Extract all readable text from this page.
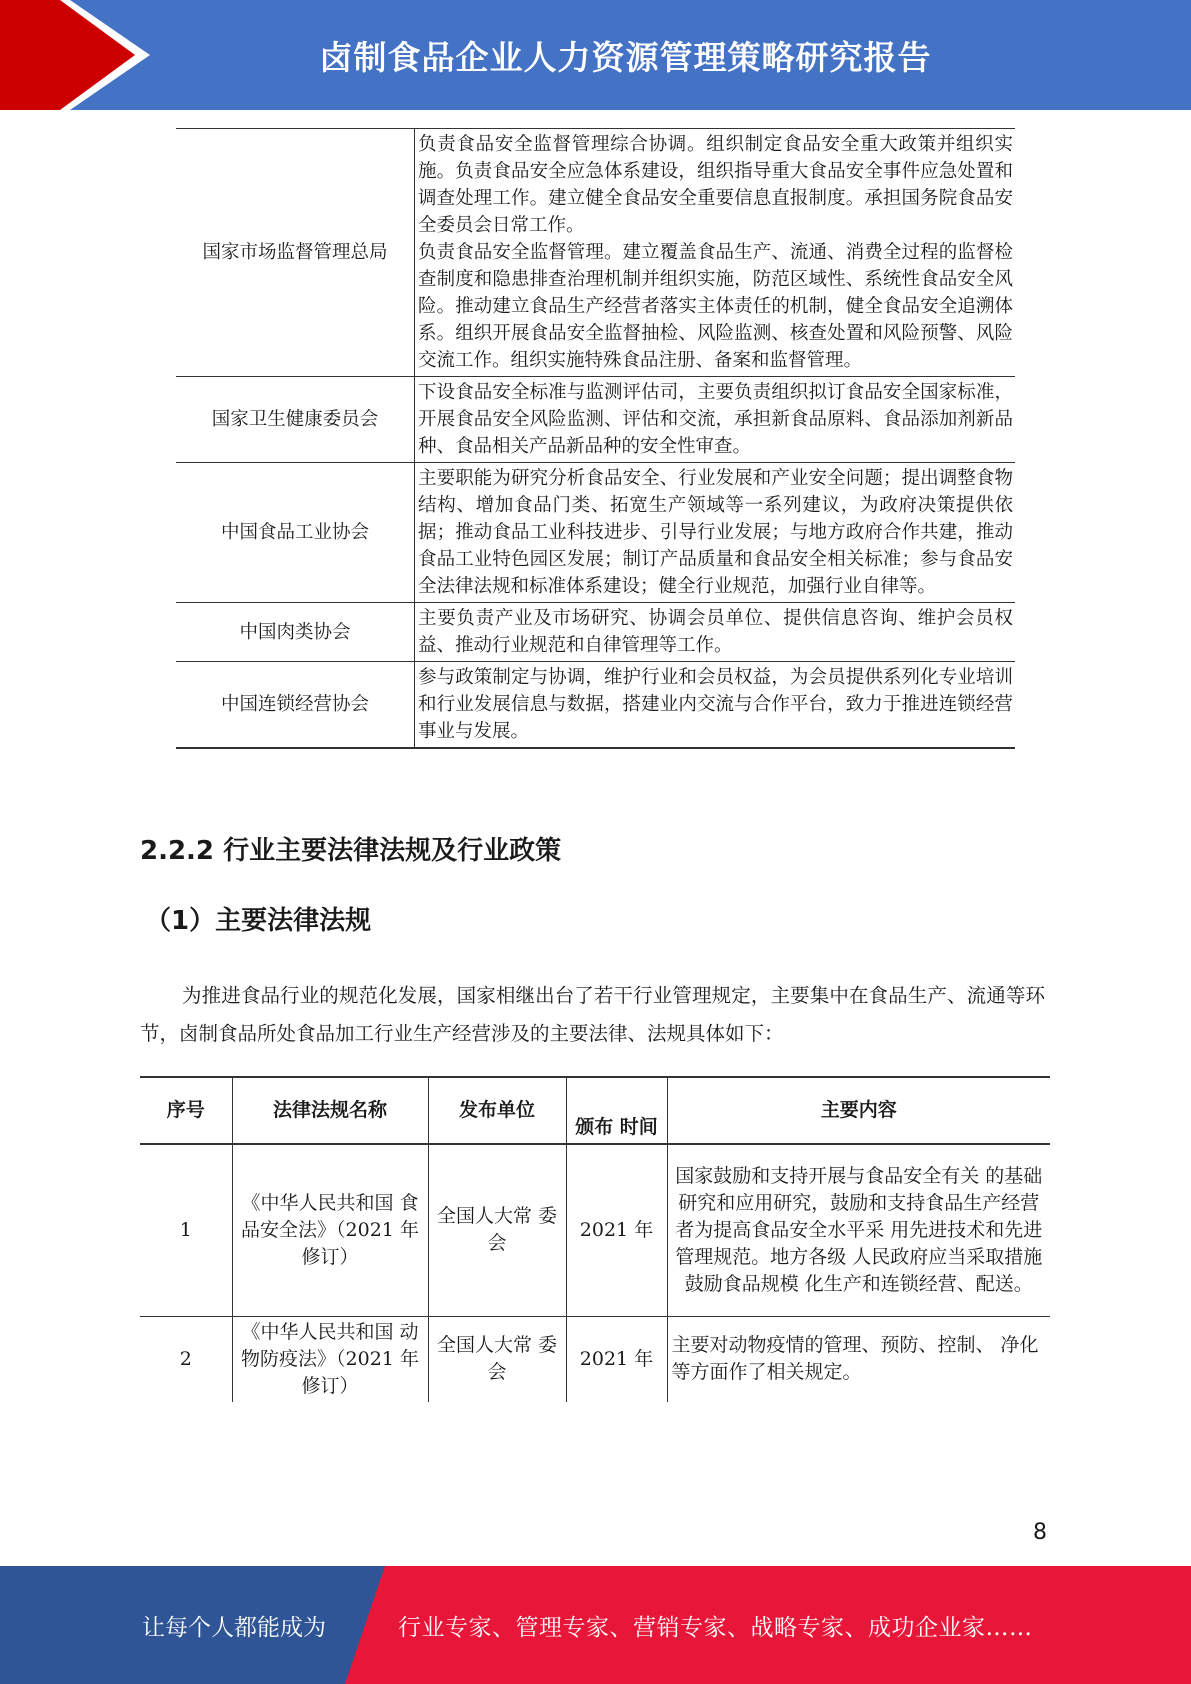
卤制食品企业人力资源管理策略研究报告
国家市场监督管理总局	负责食品安全监督管理综合协调。组织制定食品安全重大政策并组织实施。负责食品安全应急体系建设，组织指导重大食品安全事件应急处置和调查处理工作。建立健全食品安全重要信息直报制度。承担国务院食品安全委员会日常工作。
负责食品安全监督管理。建立覆盖食品生产、流通、消费全过程的监督检查制度和隐患排查治理机制并组织实施，防范区域性、系统性食品安全风险。推动建立食品生产经营者落实主体责任的机制，健全食品安全追溯体系。组织开展食品安全监督抽检、风险监测、核查处置和风险预警、风险交流工作。组织实施特殊食品注册、备案和监督管理。

国家卫生健康委员会	下设食品安全标准与监测评估司，主要负责组织拟订食品安全国家标准，开展食品安全风险监测、评估和交流，承担新食品原料、食品添加剂新品种、食品相关产品新品种的安全性审查。
中国食品工业协会	主要职能为研究分析食品安全、行业发展和产业安全问题；提出调整食物结构、增加食品门类、拓宽生产领域等一系列建议，为政府决策提供依据；推动食品工业科技进步、引导行业发展；与地方政府合作共建，推动食品工业特色园区发展；制订产品质量和食品安全相关标准；参与食品安全法律法规和标准体系建设；健全行业规范，加强行业自律等。
中国肉类协会	主要负责产业及市场研究、协调会员单位、提供信息咨询、维护会员权益、推动行业规范和自律管理等工作。
中国连锁经营协会	参与政策制定与协调，维护行业和会员权益，为会员提供系列化专业培训和行业发展信息与数据，搭建业内交流与合作平台，致力于推进连锁经营事业与发展。
2.2.2 行业主要法律法规及行业政策
（1）主要法律法规
为推进食品行业的规范化发展，国家相继出台了若干行业管理规定，主要集中在食品生产、流通等环节，卤制食品所处食品加工行业生产经营涉及的主要法律、法规具体如下：
序号	法律法规名称	发布单位	颁布 时间	主要内容
1	《中华人民共和国 食品安全法》（2021 年修订）	全国人大常 委会	2021 年	国家鼓励和支持开展与食品安全有关 的基础研究和应用研究，鼓励和支持食品生产经营者为提高食品安全水平采 用先进技术和先进管理规范。地方各级 人民政府应当采取措施鼓励食品规模 化生产和连锁经营、配送。
2	《中华人民共和国 动物防疫法》（2021 年修订）	全国人大常 委会	2021 年	主要对动物疫情的管理、预防、控制、 净化等方面作了相关规定。
8
让每个人都能成为	行业专家、管理专家、营销专家、战略专家、成功企业家……
